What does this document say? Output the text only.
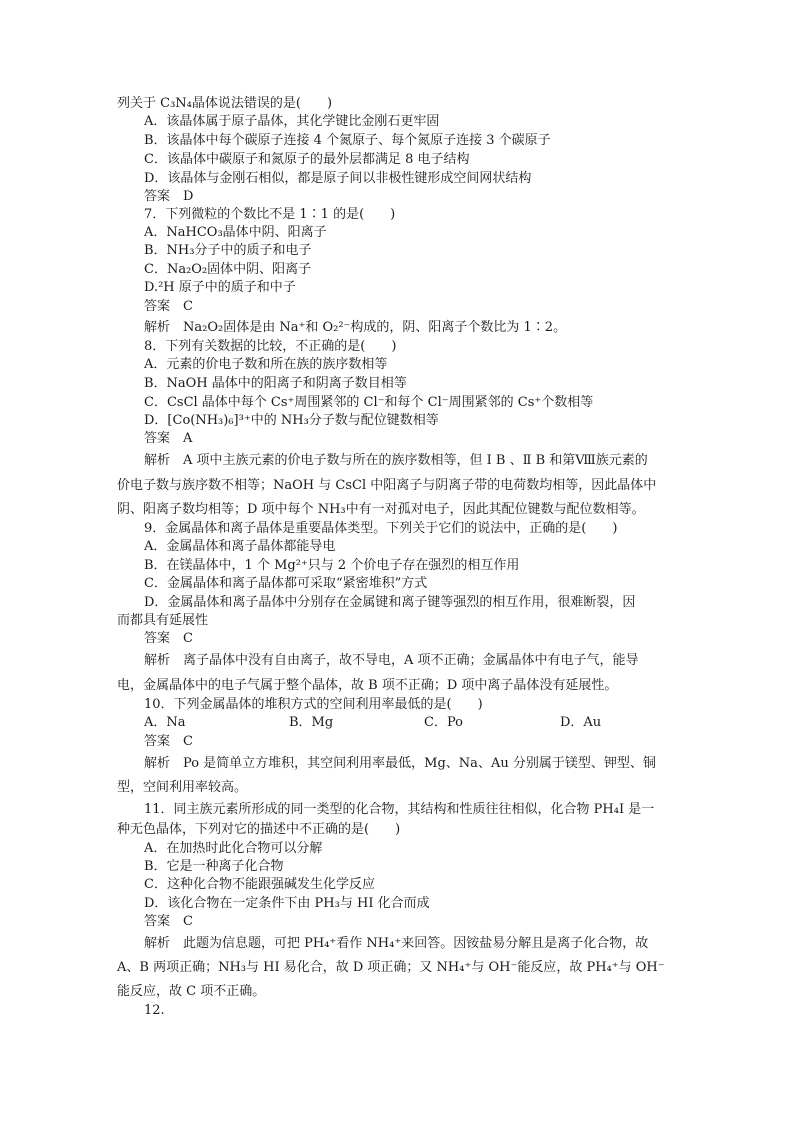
列关于 C₃N₄晶体说法错误的是(　　)
A．该晶体属于原子晶体，其化学键比金刚石更牢固
B．该晶体中每个碳原子连接 4 个氮原子、每个氮原子连接 3 个碳原子
C．该晶体中碳原子和氮原子的最外层都满足 8 电子结构
D．该晶体与金刚石相似，都是原子间以非极性键形成空间网状结构
答案　D
7．下列微粒的个数比不是 1∶1 的是(　　)
A．NaHCO₃晶体中阴、阳离子
B．NH₃分子中的质子和电子
C．Na₂O₂固体中阴、阳离子
D.²H 原子中的质子和中子
答案　C
解析　Na₂O₂固体是由 Na⁺和 O₂²⁻构成的，阴、阳离子个数比为 1∶2。
8．下列有关数据的比较，不正确的是(　　)
A．元素的价电子数和所在族的族序数相等
B．NaOH 晶体中的阳离子和阴离子数目相等
C．CsCl 晶体中每个 Cs⁺周围紧邻的 Cl⁻和每个 Cl⁻周围紧邻的 Cs⁺个数相等
D．[Co(NH₃)₆]³⁺中的 NH₃分子数与配位键数相等
答案　A
解析　A 项中主族元素的价电子数与所在的族序数相等，但 Ⅰ B 、Ⅱ B 和第Ⅷ族元素的
价电子数与族序数不相等；NaOH 与 CsCl 中阳离子与阴离子带的电荷数均相等，因此晶体中
阴、阳离子数均相等；D 项中每个 NH₃中有一对孤对电子，因此其配位键数与配位数相等。
9．金属晶体和离子晶体是重要晶体类型。下列关于它们的说法中，正确的是(　　)
A．金属晶体和离子晶体都能导电
B．在镁晶体中，1 个 Mg²⁺只与 2 个价电子存在强烈的相互作用
C．金属晶体和离子晶体都可采取“紧密堆积”方式
D．金属晶体和离子晶体中分别存在金属键和离子键等强烈的相互作用，很难断裂，因
而都具有延展性
答案　C
解析　离子晶体中没有自由离子，故不导电，A 项不正确；金属晶体中有电子气，能导
电，金属晶体中的电子气属于整个晶体，故 B 项不正确；D 项中离子晶体没有延展性。
10．下列金属晶体的堆积方式的空间利用率最低的是(　　)
答案　C
解析　Po 是简单立方堆积，其空间利用率最低，Mg、Na、Au 分别属于镁型、钾型、铜
型，空间利用率较高。
11．同主族元素所形成的同一类型的化合物，其结构和性质往往相似，化合物 PH₄I 是一
种无色晶体，下列对它的描述中不正确的是(　　)
A．在加热时此化合物可以分解
B．它是一种离子化合物
C．这种化合物不能跟强碱发生化学反应
D．该化合物在一定条件下由 PH₃与 HI 化合而成
答案　C
解析　此题为信息题，可把 PH₄⁺看作 NH₄⁺来回答。因铵盐易分解且是离子化合物，故
A、B 两项正确；NH₃与 HI 易化合，故 D 项正确；又 NH₄⁺与 OH⁻能反应，故 PH₄⁺与 OH⁻
能反应，故 C 项不正确。
12.
A．Na	B．Mg	C．Po	D．Au
